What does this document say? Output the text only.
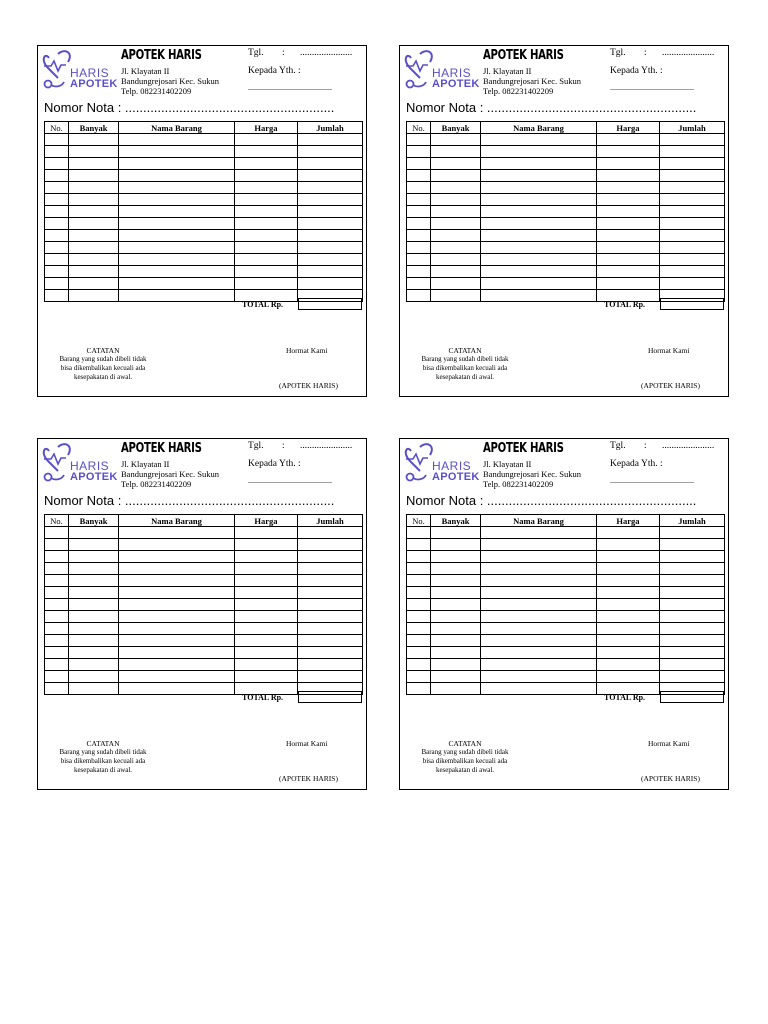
HARIS
APOTEK
APOTEK HARIS
Jl. Klayatan II
Bandungrejosari Kec. Sukun
Telp. 082231402209
Tgl. : ......................
Kepada Yth. :
..........................................
Nomor Nota : ..........................................................
No.	Banyak	Nama Barang	Harga	Jumlah

TOTAL Rp.
CATATAN
Barang yang sudah dibeli tidak bisa dikembalikan kecuali ada kesepakatan di awal.
Hormat Kami
(APOTEK HARIS)
HARIS
APOTEK
APOTEK HARIS
Jl. Klayatan II
Bandungrejosari Kec. Sukun
Telp. 082231402209
Tgl. : ......................
Kepada Yth. :
..........................................
Nomor Nota : ..........................................................
No.	Banyak	Nama Barang	Harga	Jumlah

TOTAL Rp.
CATATAN
Barang yang sudah dibeli tidak bisa dikembalikan kecuali ada kesepakatan di awal.
Hormat Kami
(APOTEK HARIS)
HARIS
APOTEK
APOTEK HARIS
Jl. Klayatan II
Bandungrejosari Kec. Sukun
Telp. 082231402209
Tgl. : ......................
Kepada Yth. :
..........................................
Nomor Nota : ..........................................................
No.	Banyak	Nama Barang	Harga	Jumlah

TOTAL Rp.
CATATAN
Barang yang sudah dibeli tidak bisa dikembalikan kecuali ada kesepakatan di awal.
Hormat Kami
(APOTEK HARIS)
HARIS
APOTEK
APOTEK HARIS
Jl. Klayatan II
Bandungrejosari Kec. Sukun
Telp. 082231402209
Tgl. : ......................
Kepada Yth. :
..........................................
Nomor Nota : ..........................................................
No.	Banyak	Nama Barang	Harga	Jumlah

TOTAL Rp.
CATATAN
Barang yang sudah dibeli tidak bisa dikembalikan kecuali ada kesepakatan di awal.
Hormat Kami
(APOTEK HARIS)
